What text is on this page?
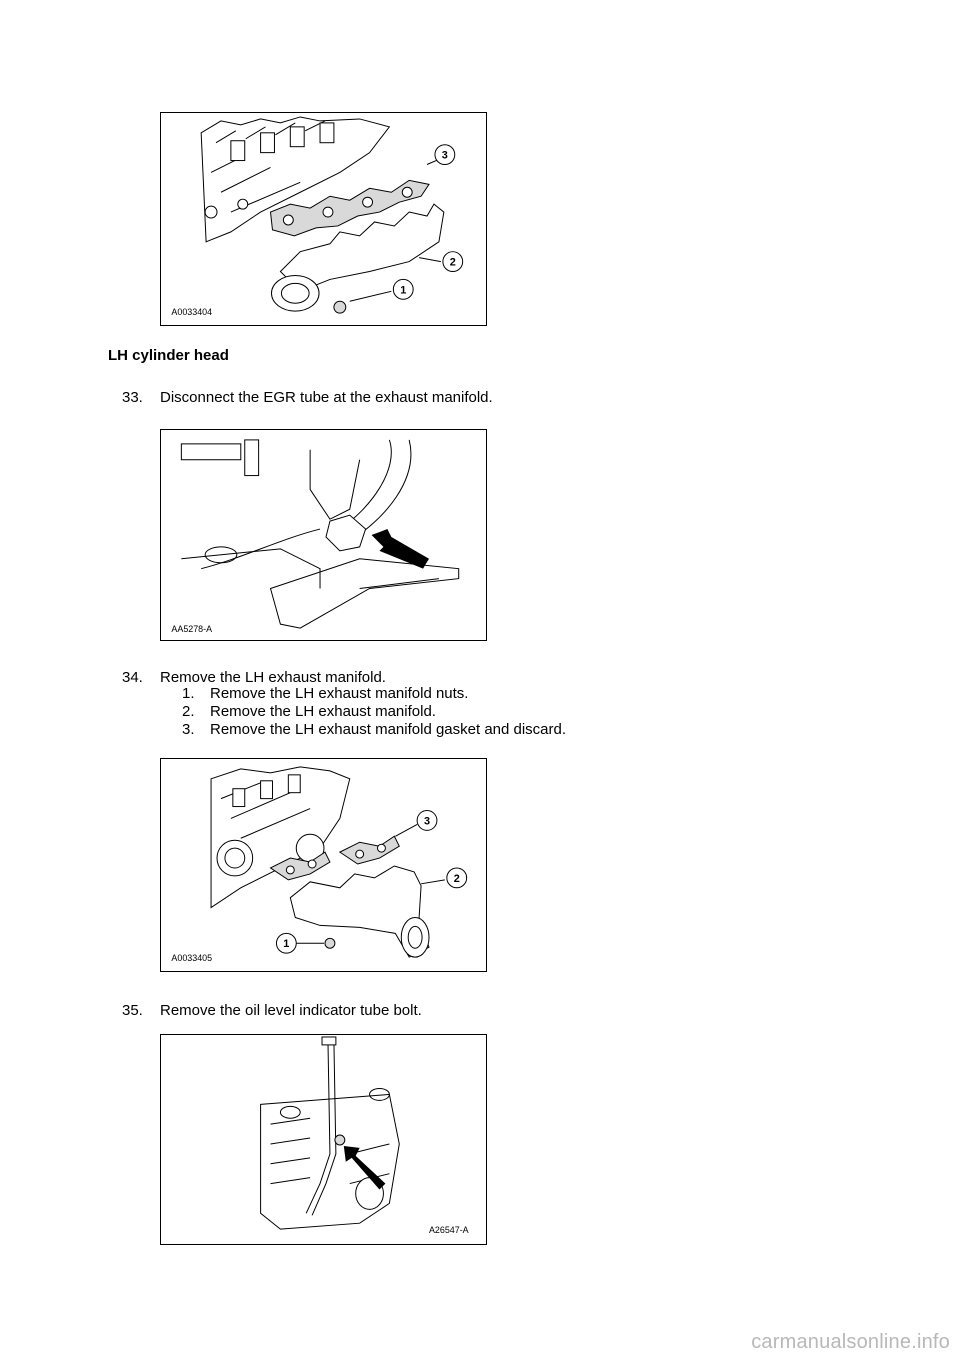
3
2
1
A0033404
LH cylinder head
33.	Disconnect the EGR tube at the exhaust manifold.
AA5278-A
34.	Remove the LH exhaust manifold.
1.	Remove the LH exhaust manifold nuts.
2.	Remove the LH exhaust manifold.
3.	Remove the LH exhaust manifold gasket and discard.
3
2
1
A0033405
35.	Remove the oil level indicator tube bolt.
A26547-A
carmanualsonline.info
